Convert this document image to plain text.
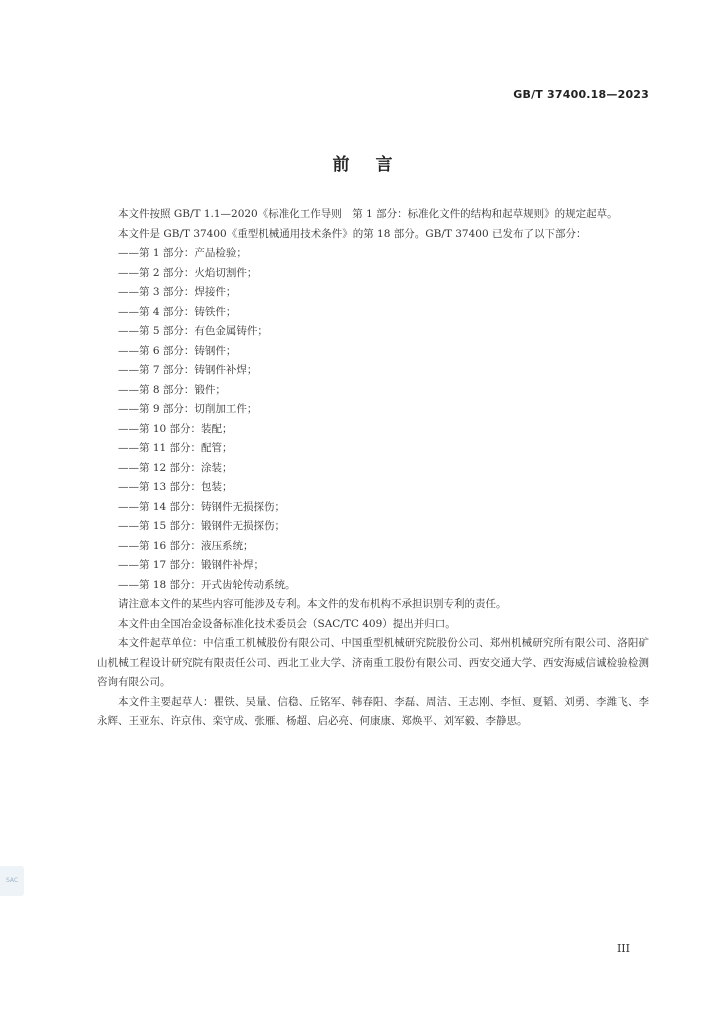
GB/T 37400.18—2023
前言

本文件按照 GB/T 1.1—2020《标准化工作导则　第 1 部分：标准化文件的结构和起草规则》的规定起草。

本文件是 GB/T 37400《重型机械通用技术条件》的第 18 部分。GB/T 37400 已发布了以下部分：

——第 1 部分：产品检验；
——第 2 部分：火焰切割件；
——第 3 部分：焊接件；
——第 4 部分：铸铁件；
——第 5 部分：有色金属铸件；
——第 6 部分：铸钢件；
——第 7 部分：铸钢件补焊；
——第 8 部分：锻件；
——第 9 部分：切削加工件；
——第 10 部分：装配；
——第 11 部分：配管；
——第 12 部分：涂装；
——第 13 部分：包装；
——第 14 部分：铸钢件无损探伤；
——第 15 部分：锻钢件无损探伤；
——第 16 部分：液压系统；
——第 17 部分：锻钢件补焊；
——第 18 部分：开式齿轮传动系统。

请注意本文件的某些内容可能涉及专利。本文件的发布机构不承担识别专利的责任。

本文件由全国冶金设备标准化技术委员会（SAC/TC 409）提出并归口。

本文件起草单位：中信重工机械股份有限公司、中国重型机械研究院股份公司、郑州机械研究所有限公司、洛阳矿山机械工程设计研究院有限责任公司、西北工业大学、济南重工股份有限公司、西安交通大学、西安海威信诚检验检测咨询有限公司。

本文件主要起草人：瞿铁、吴量、信稳、丘铭军、韩春阳、李磊、周洁、王志刚、李恒、夏韬、刘勇、李潍飞、李永辉、王亚东、许京伟、栾守成、张雁、杨超、启必亮、何康康、郑焕平、刘军毅、李静思。

SAC
III
